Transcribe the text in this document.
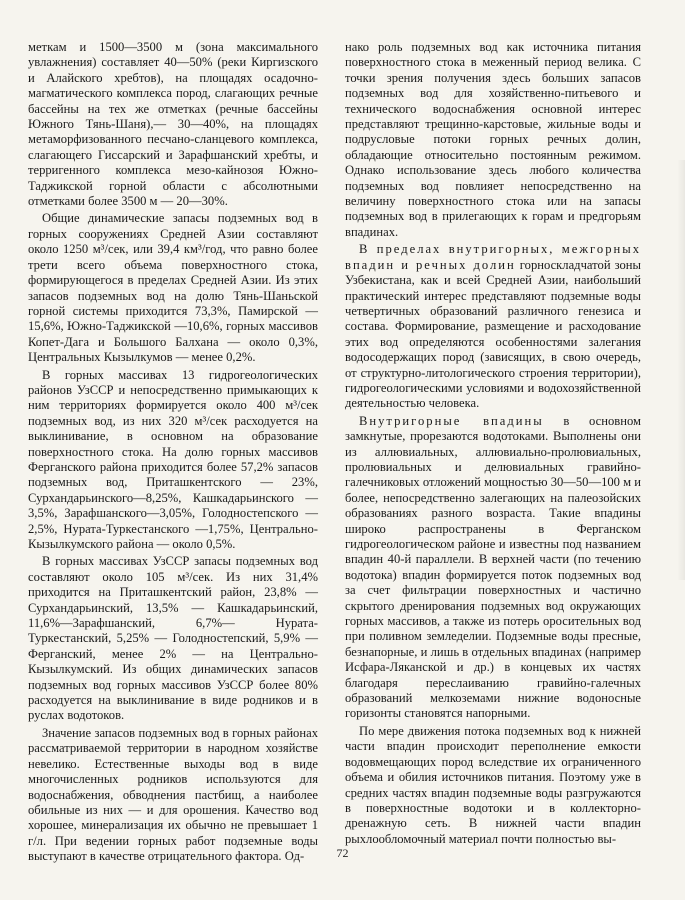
меткам и 1500—3500 м (зона максимального увлажнения) составляет 40—50% (реки Киргизского и Алайского хребтов), на площадях осадочно-магматического комплекса пород, слагающих речные бассейны на тех же отметках (речные бассейны Южного Тянь-Шаня),— 30—40%, на площадях метаморфизованного песчано-сланцевого комплекса, слагающего Гиссарский и Зарафшанский хребты, и терригенного комплекса мезо-кайнозоя Южно-Таджикской горной области с абсолютными отметками более 3500 м — 20—30%.

Общие динамические запасы подземных вод в горных сооружениях Средней Азии составляют около 1250 м³/сек, или 39,4 км³/год, что равно более трети всего объема поверхностного стока, формирующегося в пределах Средней Азии. Из этих запасов подземных вод на долю Тянь-Шаньской горной системы приходится 73,3%, Памирской — 15,6%, Южно-Таджикской —10,6%, горных массивов Копет-Дага и Большого Балхана — около 0,3%, Центральных Кызылкумов — менее 0,2%.

В горных массивах 13 гидрогеологических районов УзССР и непосредственно примыкающих к ним территориях формируется около 400 м³/сек подземных вод, из них 320 м³/сек расходуется на выклинивание, в основном на образование поверхностного стока. На долю горных массивов Ферганского района приходится более 57,2% запасов подземных вод, Приташкентского — 23%, Сурхандарьинского—8,25%, Кашкадарьинского —3,5%, Зарафшанского—3,05%, Голодностепского —2,5%, Нурата-Туркестанского —1,75%, Центрально-Кызылкумского района — около 0,5%.

В горных массивах УзССР запасы подземных вод составляют около 105 м³/сек. Из них 31,4% приходится на Приташкентский район, 23,8% — Сурхандарьинский, 13,5% — Кашкадарьинский, 11,6%—Зарафшанский, 6,7%— Нурата-Туркестанский, 5,25% — Голодностепский, 5,9% — Ферганский, менее 2% — на Центрально-Кызылкумский. Из общих динамических запасов подземных вод горных массивов УзССР более 80% расходуется на выклинивание в виде родников и в руслах водотоков.

Значение запасов подземных вод в горных районах рассматриваемой территории в народном хозяйстве невелико. Естественные выходы вод в виде многочисленных родников используются для водоснабжения, обводнения пастбищ, а наиболее обильные из них — и для орошения. Качество вод хорошее, минерализация их обычно не превышает 1 г/л. При ведении горных работ подземные воды выступают в качестве отрицательного фактора. Од-

нако роль подземных вод как источника питания поверхностного стока в меженный период велика. С точки зрения получения здесь больших запасов подземных вод для хозяйственно-питьевого и технического водоснабжения основной интерес представляют трещинно-карстовые, жильные воды и подрусловые потоки горных речных долин, обладающие относительно постоянным режимом. Однако использование здесь любого количества подземных вод повлияет непосредственно на величину поверхностного стока или на запасы подземных вод в прилегающих к горам и предгорьям впадинах.

В пределах внутригорных, межгорных впадин и речных долин горноскладчатой зоны Узбекистана, как и всей Средней Азии, наибольший практический интерес представляют подземные воды четвертичных образований различного генезиса и состава. Формирование, размещение и расходование этих вод определяются особенностями залегания водосодержащих пород (зависящих, в свою очередь, от структурно-литологического строения территории), гидрогеологическими условиями и водохозяйственной деятельностью человека.

Внутригорные впадины в основном замкнутые, прорезаются водотоками. Выполнены они из аллювиальных, аллювиально-пролювиальных, пролювиальных и делювиальных гравийно-галечниковых отложений мощностью 30—50—100 м и более, непосредственно залегающих на палеозойских образованиях разного возраста. Такие впадины широко распространены в Ферганском гидрогеологическом районе и известны под названием впадин 40-й параллели. В верхней части (по течению водотока) впадин формируется поток подземных вод за счет фильтрации поверхностных и частично скрытого дренирования подземных вод окружающих горных массивов, а также из потерь оросительных вод при поливном земледелии. Подземные воды пресные, безнапорные, и лишь в отдельных впадинах (например Исфара-Ляканской и др.) в концевых их частях благодаря переслаиванию гравийно-галечных образований мелкоземами нижние водоносные горизонты становятся напорными.

По мере движения потока подземных вод к нижней части впадин происходит переполнение емкости водовмещающих пород вследствие их ограниченного объема и обилия источников питания. Поэтому уже в средних частях впадин подземные воды разгружаются в поверхностные водотоки и в коллекторно-дренажную сеть. В нижней части впадин рыхлообломочный материал почти полностью вы-

72
